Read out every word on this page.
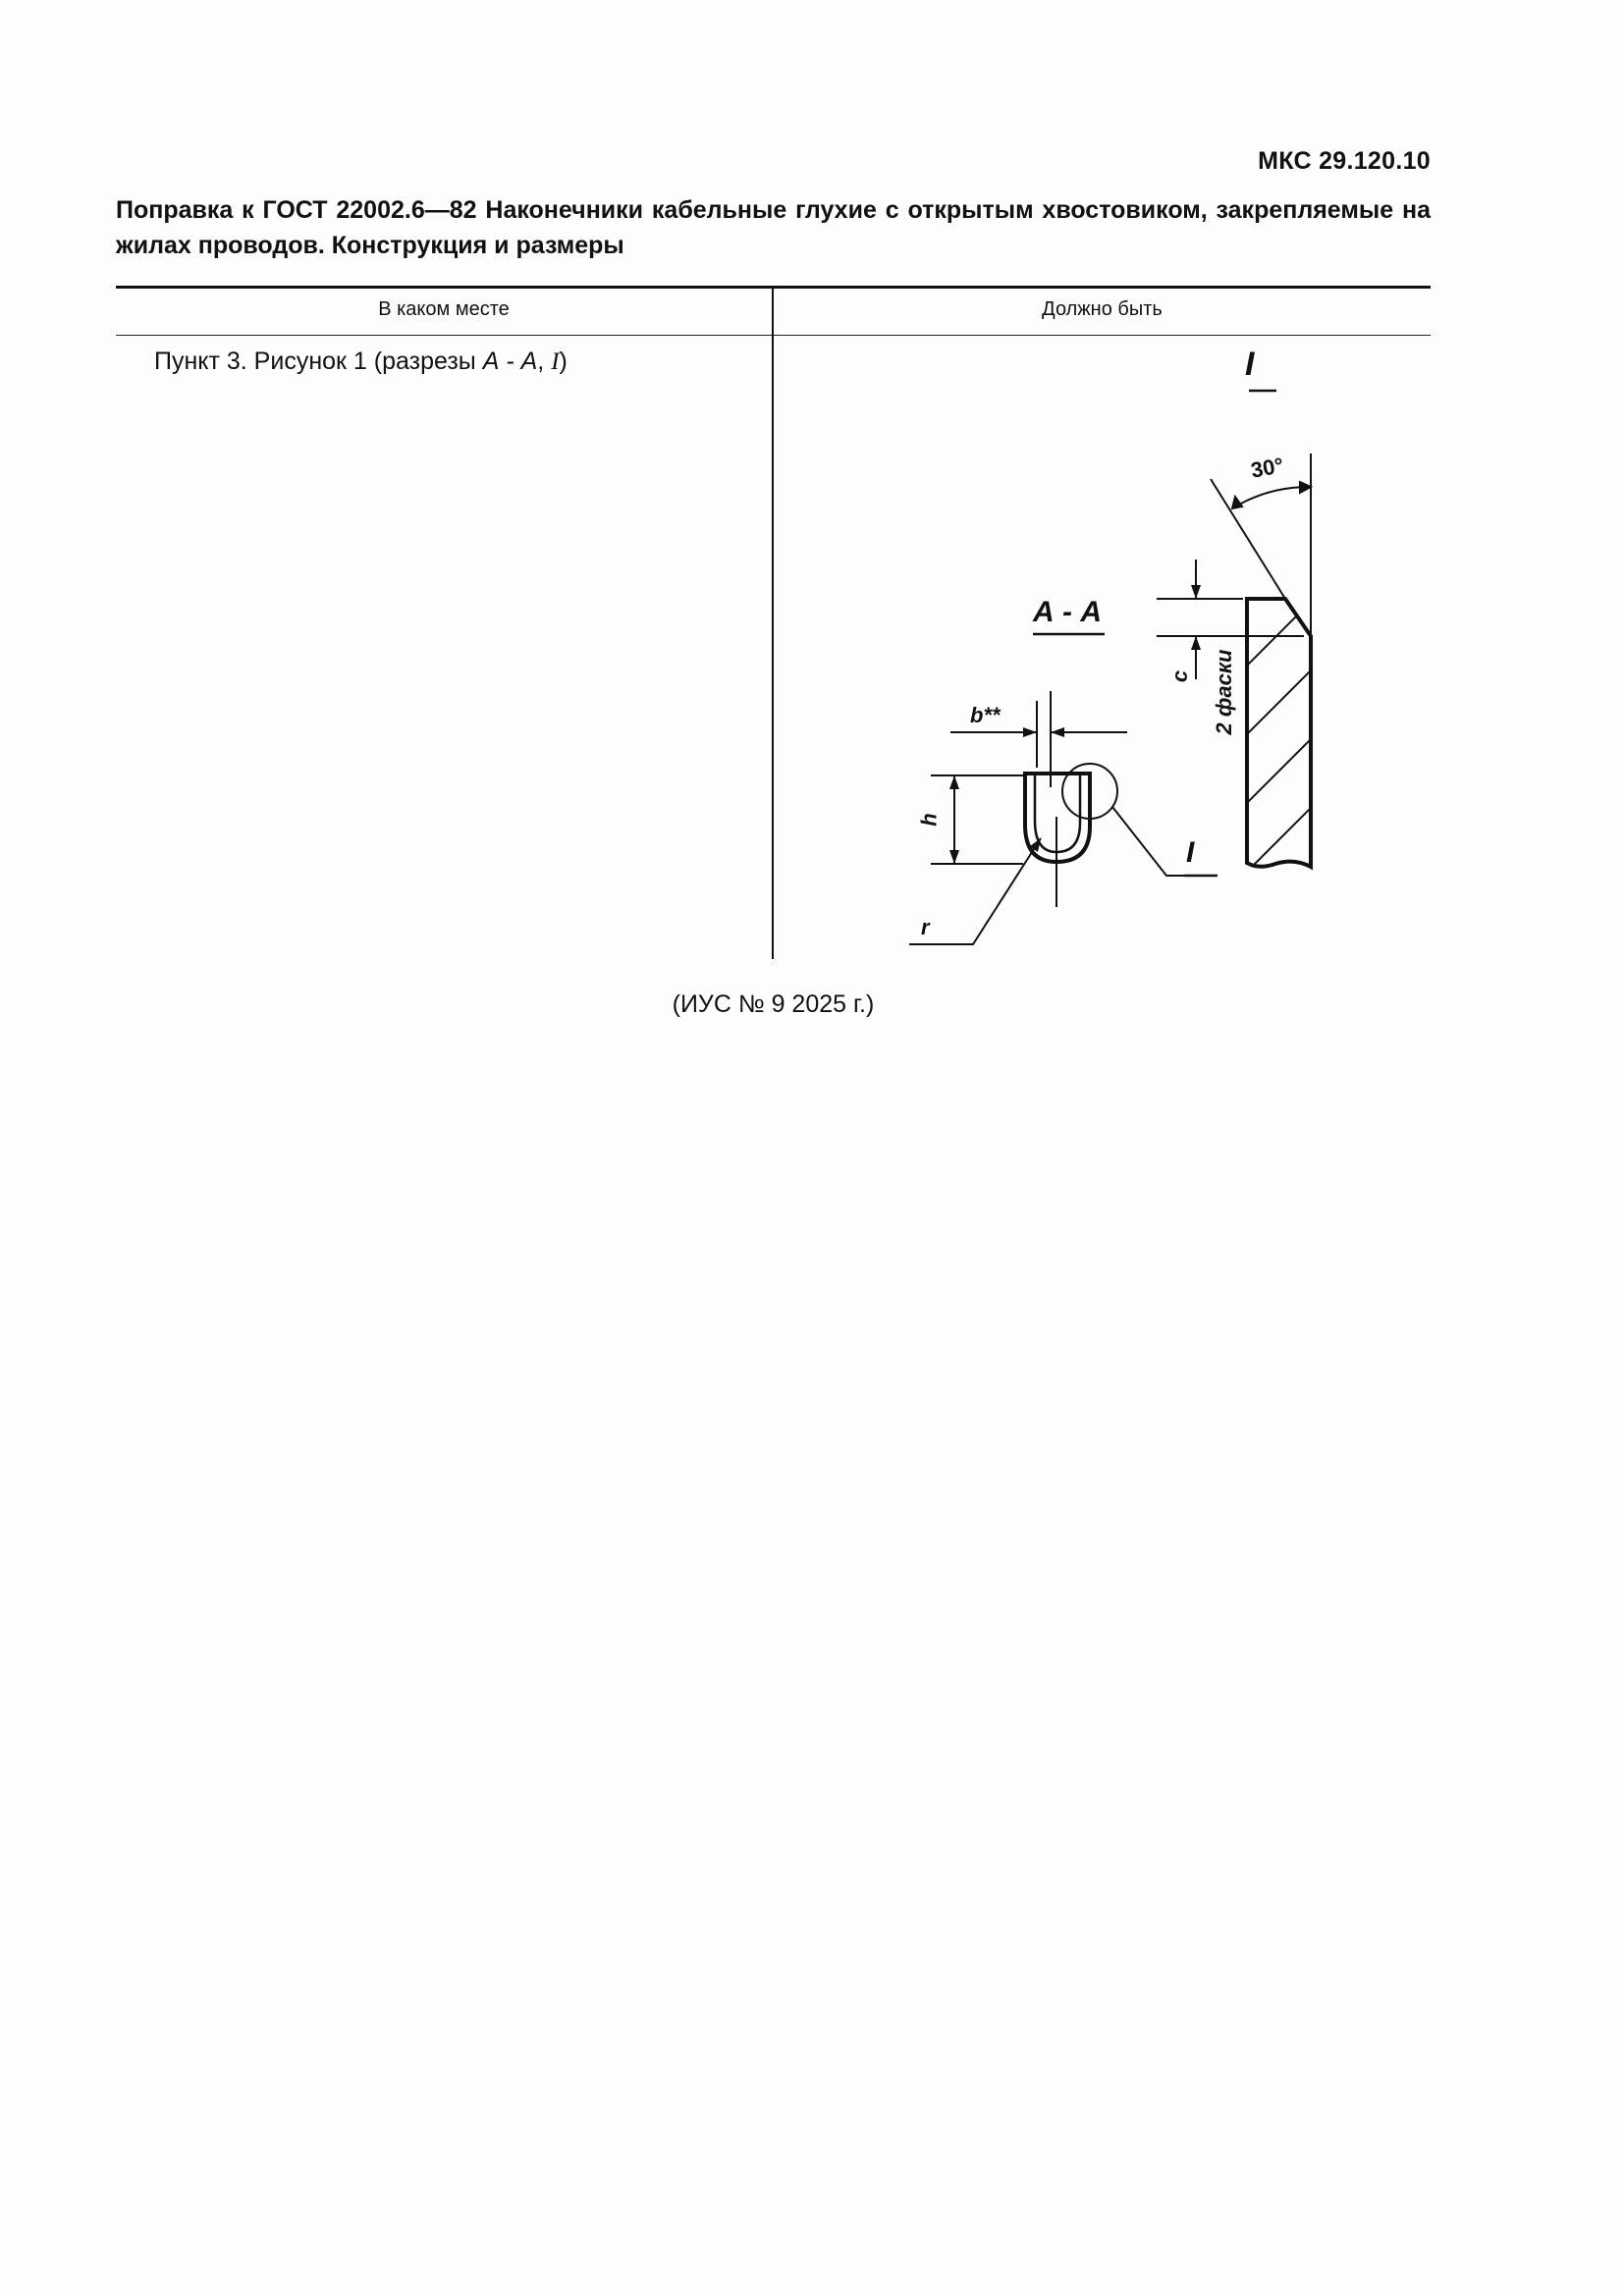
МКС 29.120.10
Поправка к ГОСТ 22002.6—82 Наконечники кабельные глухие с открытым хвостовиком, закрепляемые на жилах проводов. Конструкция и размеры
В каком месте	Должно быть
Пункт 3. Рисунок 1 (разрезы А - А, I)	I
А - А
30°
b**
h
r
c 2 фаски
I
(ИУС № 9 2025 г.)
